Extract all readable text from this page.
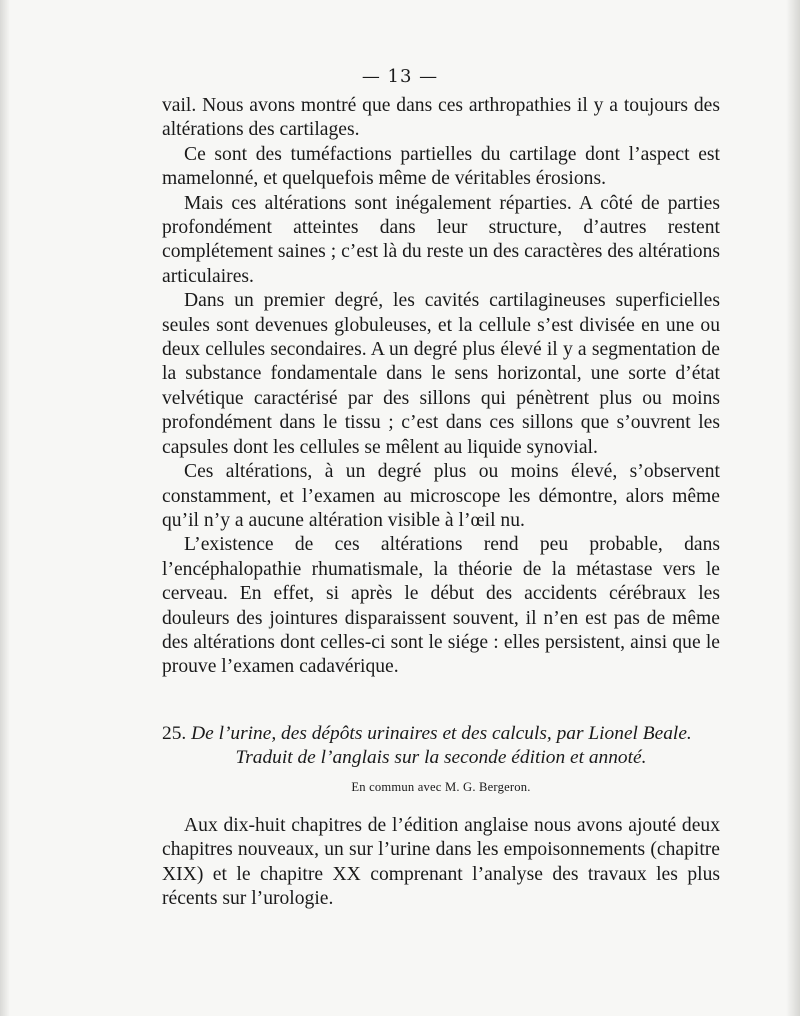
— 13 —

vail. Nous avons montré que dans ces arthropathies il y a toujours des altérations des cartilages.

Ce sont des tuméfactions partielles du cartilage dont l’aspect est mamelonné, et quelquefois même de véritables érosions.

Mais ces altérations sont inégalement réparties. A côté de parties profondément atteintes dans leur structure, d’autres restent complétement saines ; c’est là du reste un des caractères des altérations articulaires.

Dans un premier degré, les cavités cartilagineuses superficielles seules sont devenues globuleuses, et la cellule s’est divisée en une ou deux cellules secondaires. A un degré plus élevé il y a segmentation de la substance fondamentale dans le sens horizontal, une sorte d’état velvétique caractérisé par des sillons qui pénètrent plus ou moins profondément dans le tissu ; c’est dans ces sillons que s’ouvrent les capsules dont les cellules se mêlent au liquide synovial.

Ces altérations, à un degré plus ou moins élevé, s’observent constamment, et l’examen au microscope les démontre, alors même qu’il n’y a aucune altération visible à l’œil nu.

L’existence de ces altérations rend peu probable, dans l’encéphalopathie rhumatismale, la théorie de la métastase vers le cerveau. En effet, si après le début des accidents cérébraux les douleurs des jointures disparaissent souvent, il n’en est pas de même des altérations dont celles-ci sont le siége : elles persistent, ainsi que le prouve l’examen cadavérique.

25. De l’urine, des dépôts urinaires et des calculs, par Lionel Beale.

Traduit de l’anglais sur la seconde édition et annoté.

En commun avec M. G. Bergeron.

Aux dix-huit chapitres de l’édition anglaise nous avons ajouté deux chapitres nouveaux, un sur l’urine dans les empoisonnements (chapitre XIX) et le chapitre XX comprenant l’analyse des travaux les plus récents sur l’urologie.
